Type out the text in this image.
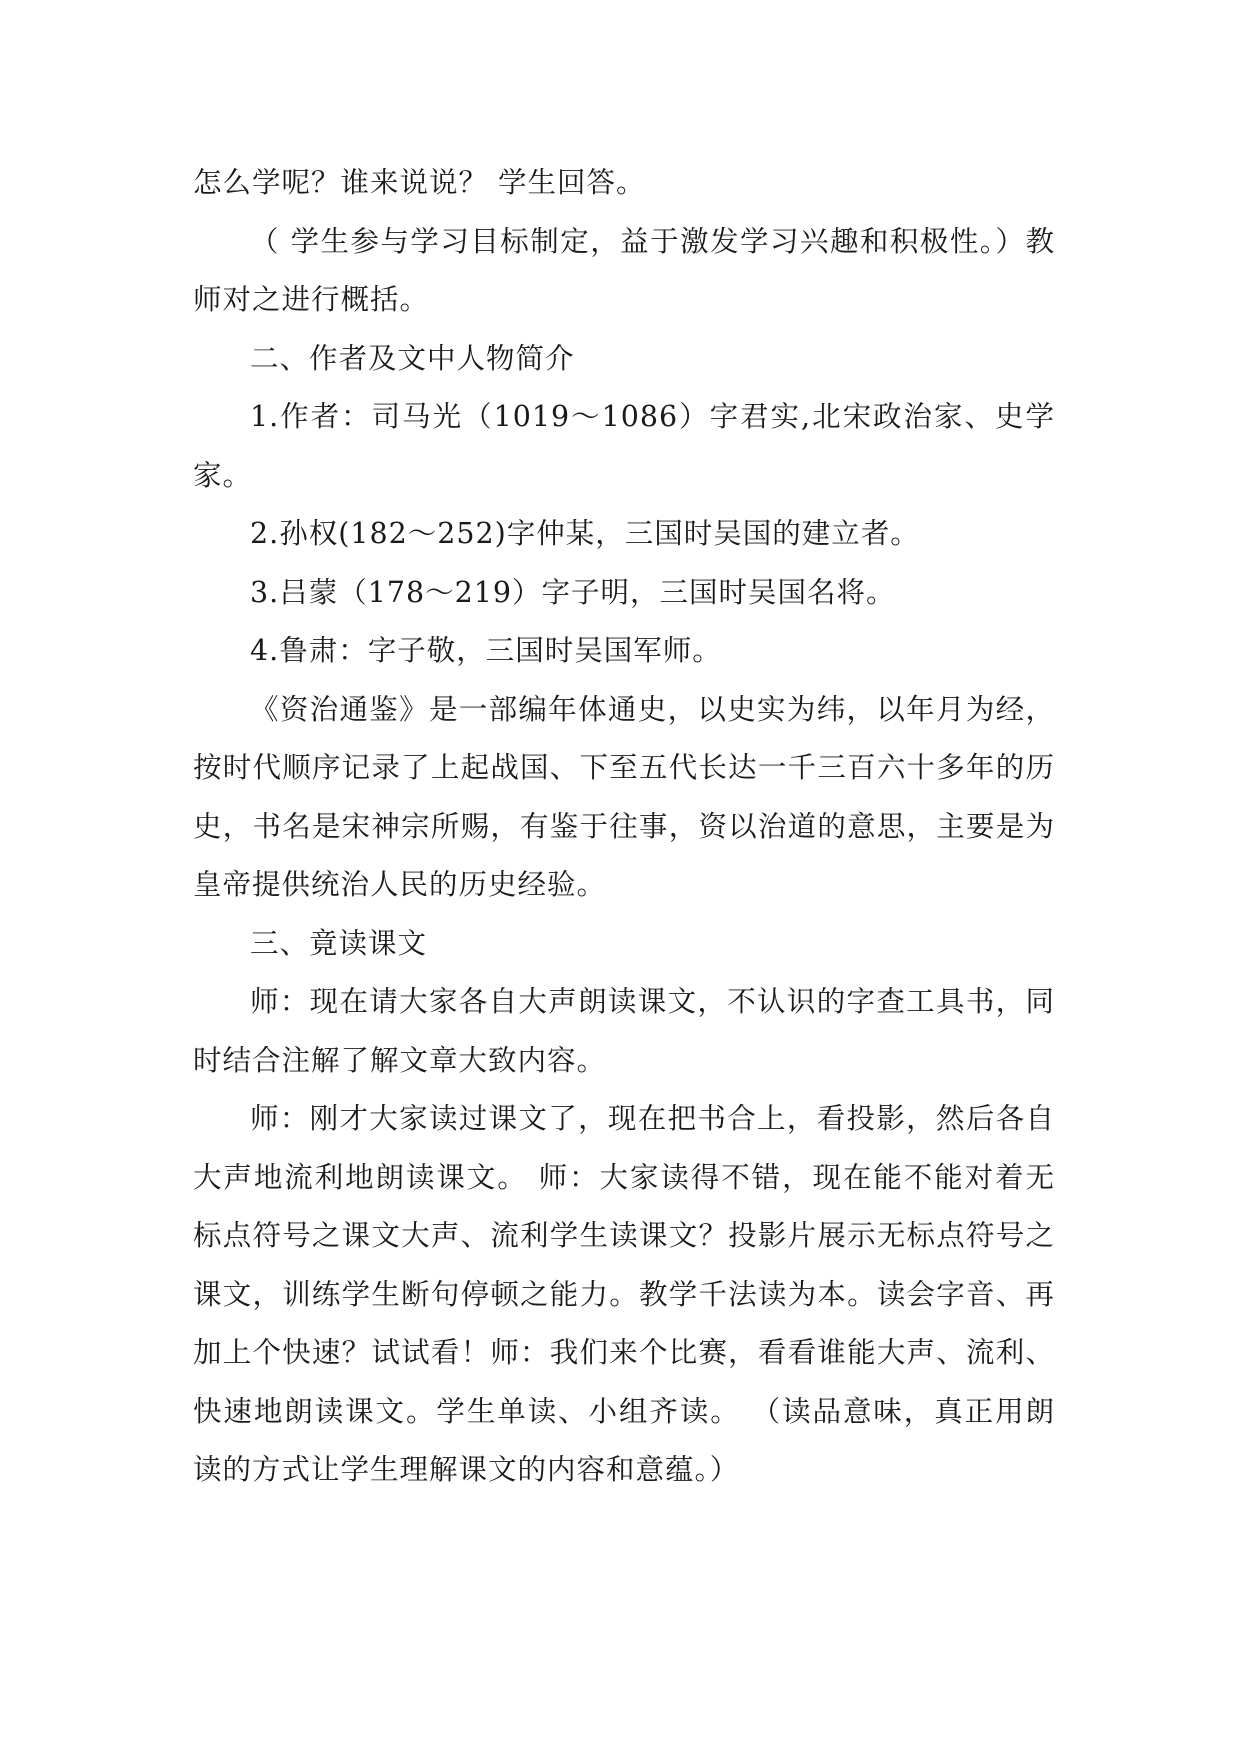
怎么学呢？谁来说说？ 学生回答。

（ 学生参与学习目标制定，益于激发学习兴趣和积极性。）教师对之进行概括。

二、作者及文中人物简介

1.作者：司马光（1019～1086）字君实,北宋政治家、史学家。

2.孙权(182～252)字仲某，三国时吴国的建立者。

3.吕蒙（178～219）字子明，三国时吴国名将。

4.鲁肃：字子敬，三国时吴国军师。

《资治通鉴》是一部编年体通史，以史实为纬，以年月为经，按时代顺序记录了上起战国、下至五代长达一千三百六十多年的历史，书名是宋神宗所赐，有鉴于往事，资以治道的意思，主要是为皇帝提供统治人民的历史经验。

三、竟读课文

师：现在请大家各自大声朗读课文，不认识的字查工具书，同时结合注解了解文章大致内容。

师：刚才大家读过课文了，现在把书合上，看投影，然后各自大声地流利地朗读课文。 师：大家读得不错，现在能不能对着无标点符号之课文大声、流利学生读课文？投影片展示无标点符号之课文，训练学生断句停顿之能力。教学千法读为本。读会字音、再加上个快速？试试看！师：我们来个比赛，看看谁能大声、流利、快速地朗读课文。学生单读、小组齐读。 （读品意味，真正用朗读的方式让学生理解课文的内容和意蕴。）
